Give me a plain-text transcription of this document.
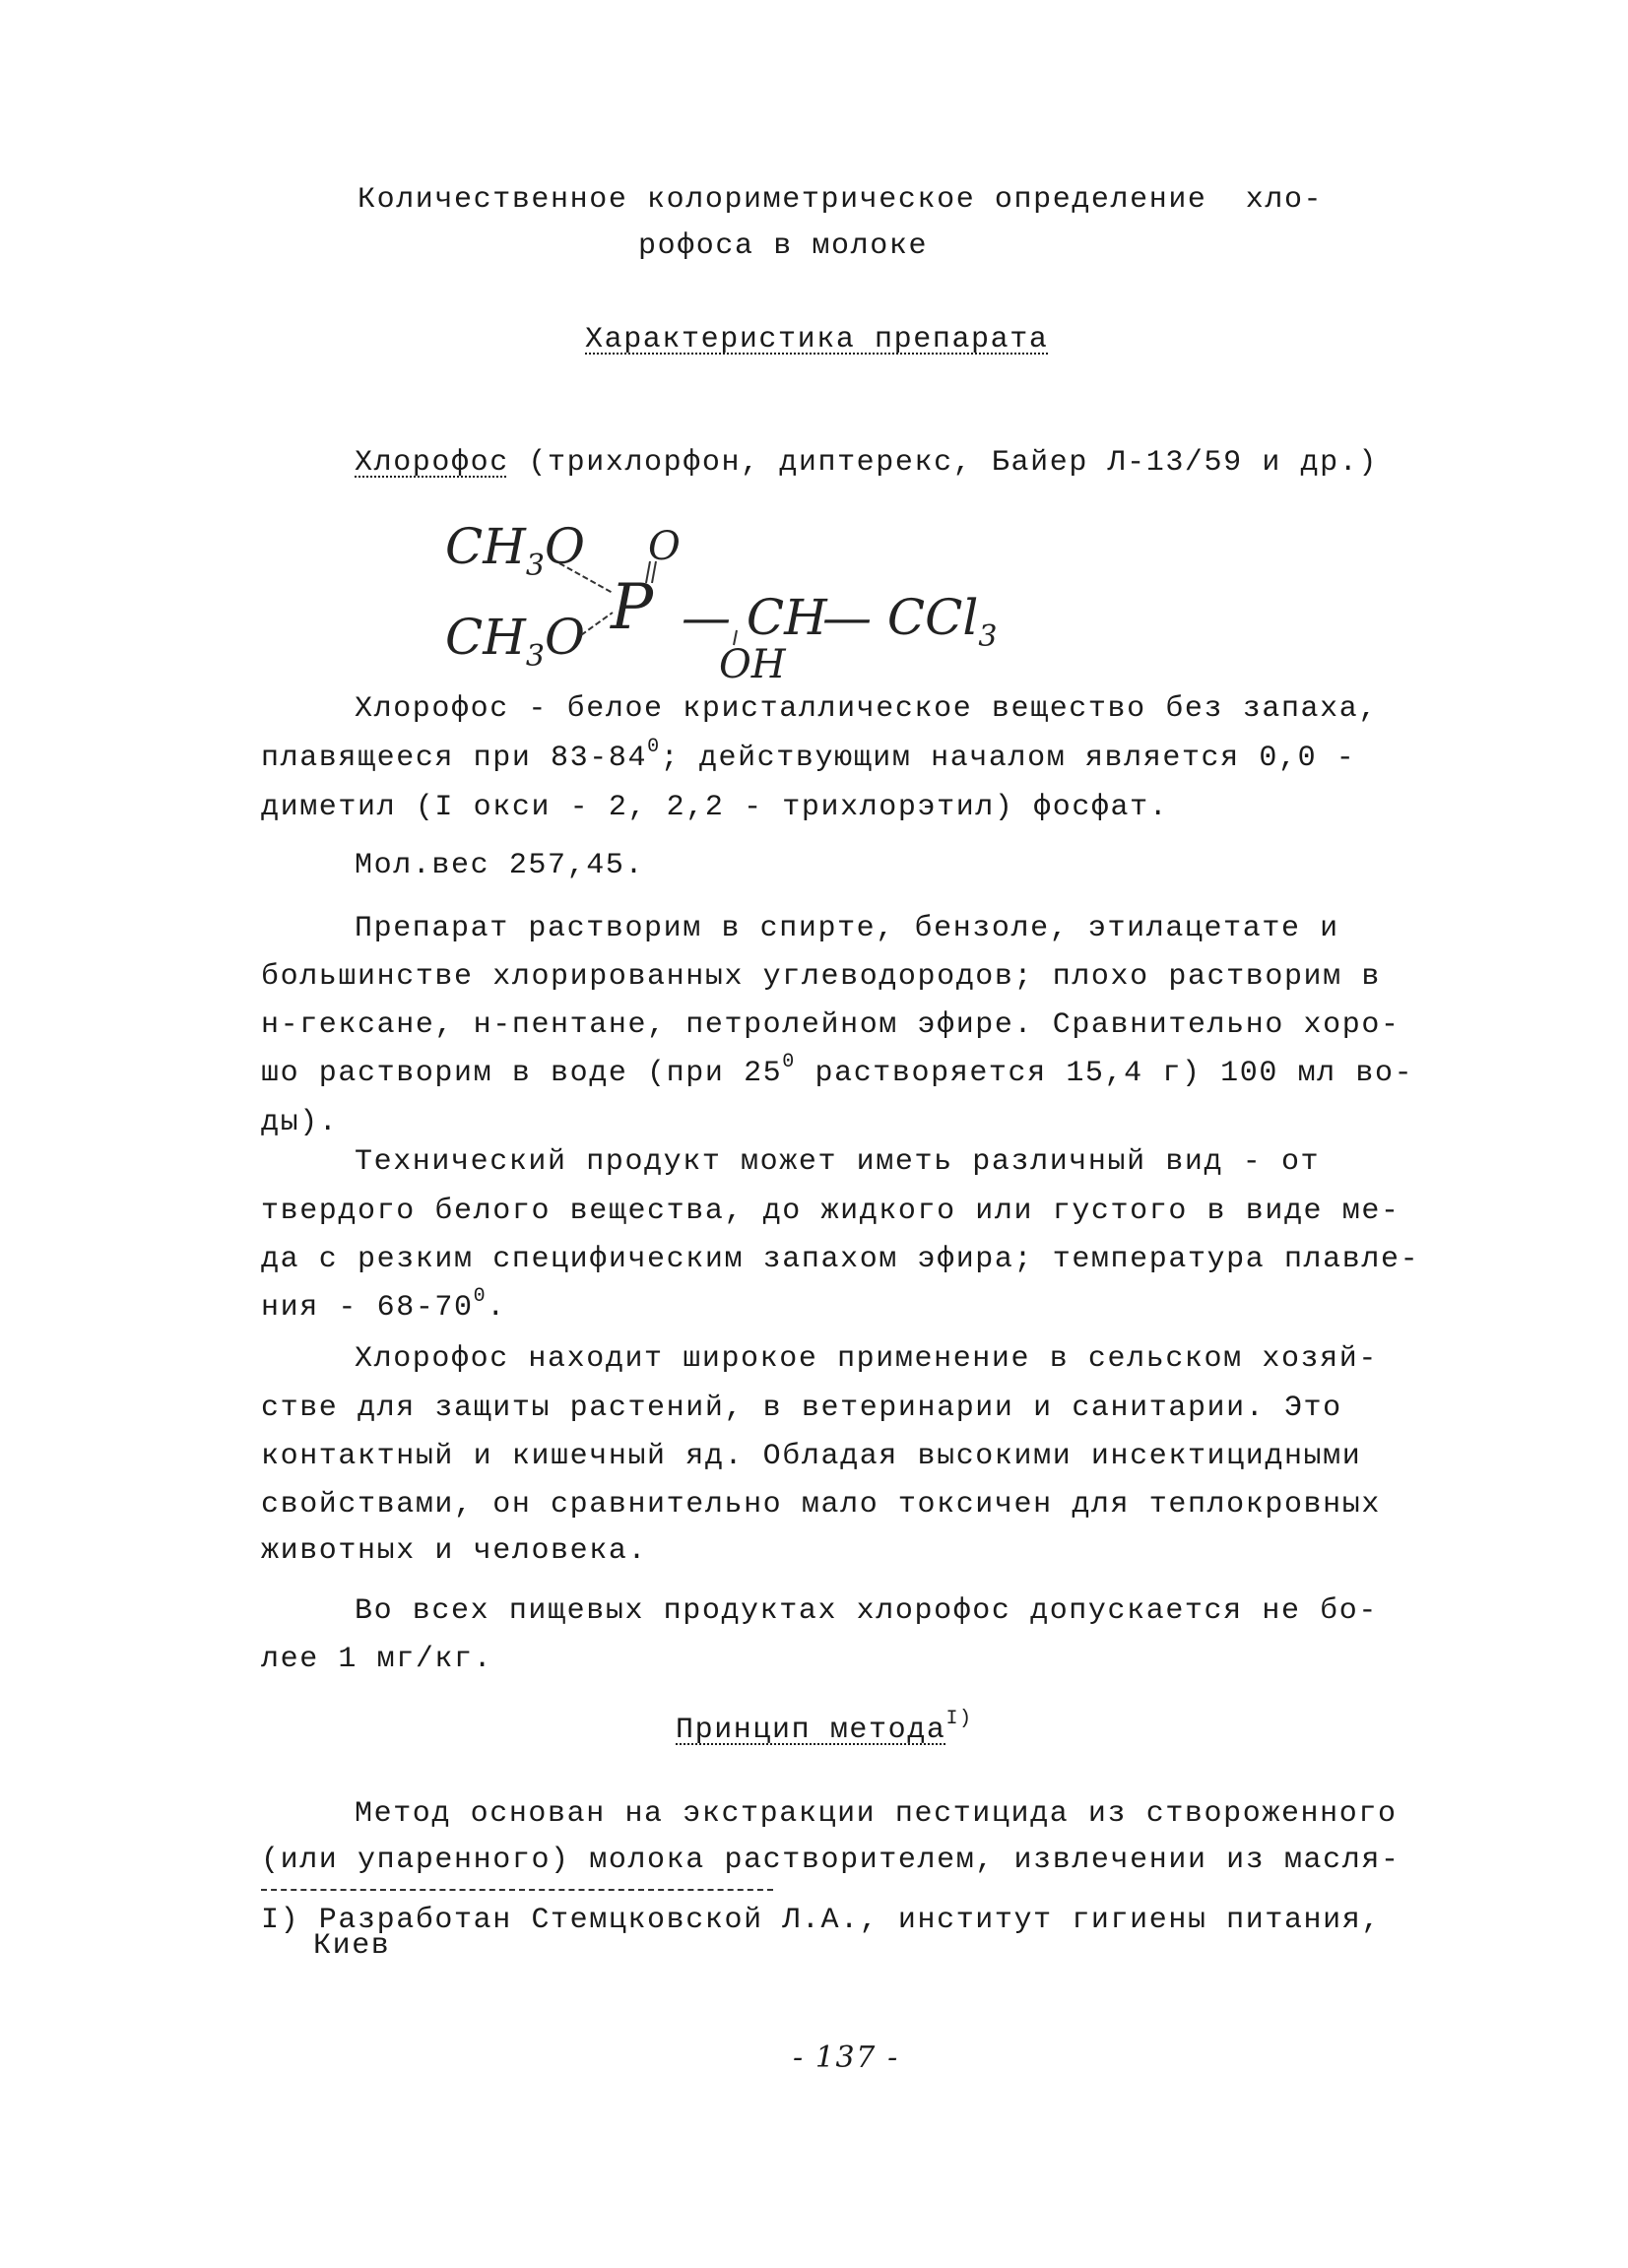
Количественное колориметрическое определение  хло-
рофоса в молоке
Характеристика препарата
Хлорофос (трихлорфон, диптерекс, Байер Л-13/59 и др.)
$CH_3O$
$CH_3O$ P
O
— CH
OH
— CCl$_3$
Хлорофос - белое кристаллическое вещество без запаха,
плавящееся при $83-84^0$; действующим началом является 0,0 -
диметил (I окси - 2, 2,2 - трихлорэтил) фосфат.
Мол.вес 257,45.
Препарат растворим в спирте, бензоле, этилацетате и
большинстве хлорированных углеводородов; плохо растворим в
н-гексане, н-пентане, петролейном эфире. Сравнительно хоро-
шо растворим в воде (при $25^0$ растворяется 15,4 г) 100 мл во-
ды).
Технический продукт может иметь различный вид - от
твердого белого вещества, до жидкого или густого в виде ме-
да с резким специфическим запахом эфира; температура плавле-
ния - $68-70^0$.
Хлорофос находит широкое применение в сельском хозяй-
стве для защиты растений, в ветеринарии и санитарии. Это
контактный и кишечный яд. Обладая высокими инсектицидными
свойствами, он сравнительно мало токсичен для теплокровных
животных и человека.
Во всех пищевых продуктах хлорофос допускается не бо-
лее 1 мг/кг.
Принцип метода$^{I)}$
Метод основан на экстракции пестицида из створоженного
(или упаренного) молока растворителем, извлечении из масля-
I) Разработан Стемцковской Л.А., институт гигиены питания,
Киев
- 137 -
